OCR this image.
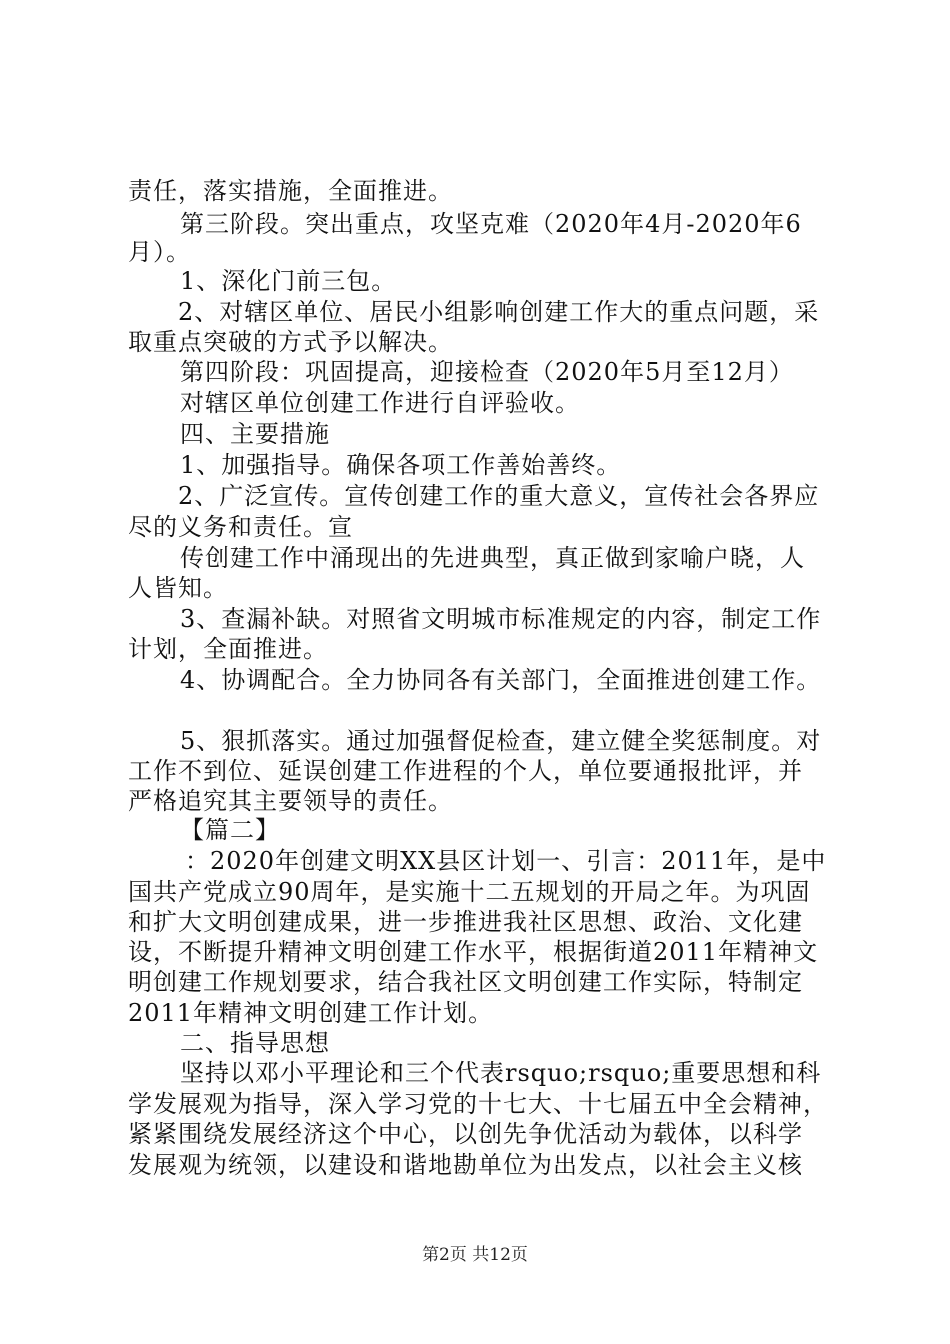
责任，落实措施，全面推进。
第三阶段。突出重点，攻坚克难（2020年4月-2020年6
月）。
1、深化门前三包。
2、对辖区单位、居民小组影响创建工作大的重点问题，采
取重点突破的方式予以解决。
第四阶段：巩固提高，迎接检查（2020年5月至12月）
对辖区单位创建工作进行自评验收。
四、主要措施
1、加强指导。确保各项工作善始善终。
2、广泛宣传。宣传创建工作的重大意义，宣传社会各界应
尽的义务和责任。宣
传创建工作中涌现出的先进典型，真正做到家喻户晓，人
人皆知。
3、查漏补缺。对照省文明城市标准规定的内容，制定工作
计划，全面推进。
4、协调配合。全力协同各有关部门，全面推进创建工作。
5、狠抓落实。通过加强督促检查，建立健全奖惩制度。对
工作不到位、延误创建工作进程的个人，单位要通报批评，并
严格追究其主要领导的责任。
【篇二】
：2020年创建文明XX县区计划一、引言：2011年，是中
国共产党成立90周年，是实施十二五规划的开局之年。为巩固
和扩大文明创建成果，进一步推进我社区思想、政治、文化建
设，不断提升精神文明创建工作水平，根据街道2011年精神文
明创建工作规划要求，结合我社区文明创建工作实际，特制定
2011年精神文明创建工作计划。
二、指导思想
坚持以邓小平理论和三个代表rsquo;rsquo;重要思想和科
学发展观为指导，深入学习党的十七大、十七届五中全会精神，
紧紧围绕发展经济这个中心，以创先争优活动为载体，以科学
发展观为统领，以建设和谐地勘单位为出发点，以社会主义核
第2页 共12页
